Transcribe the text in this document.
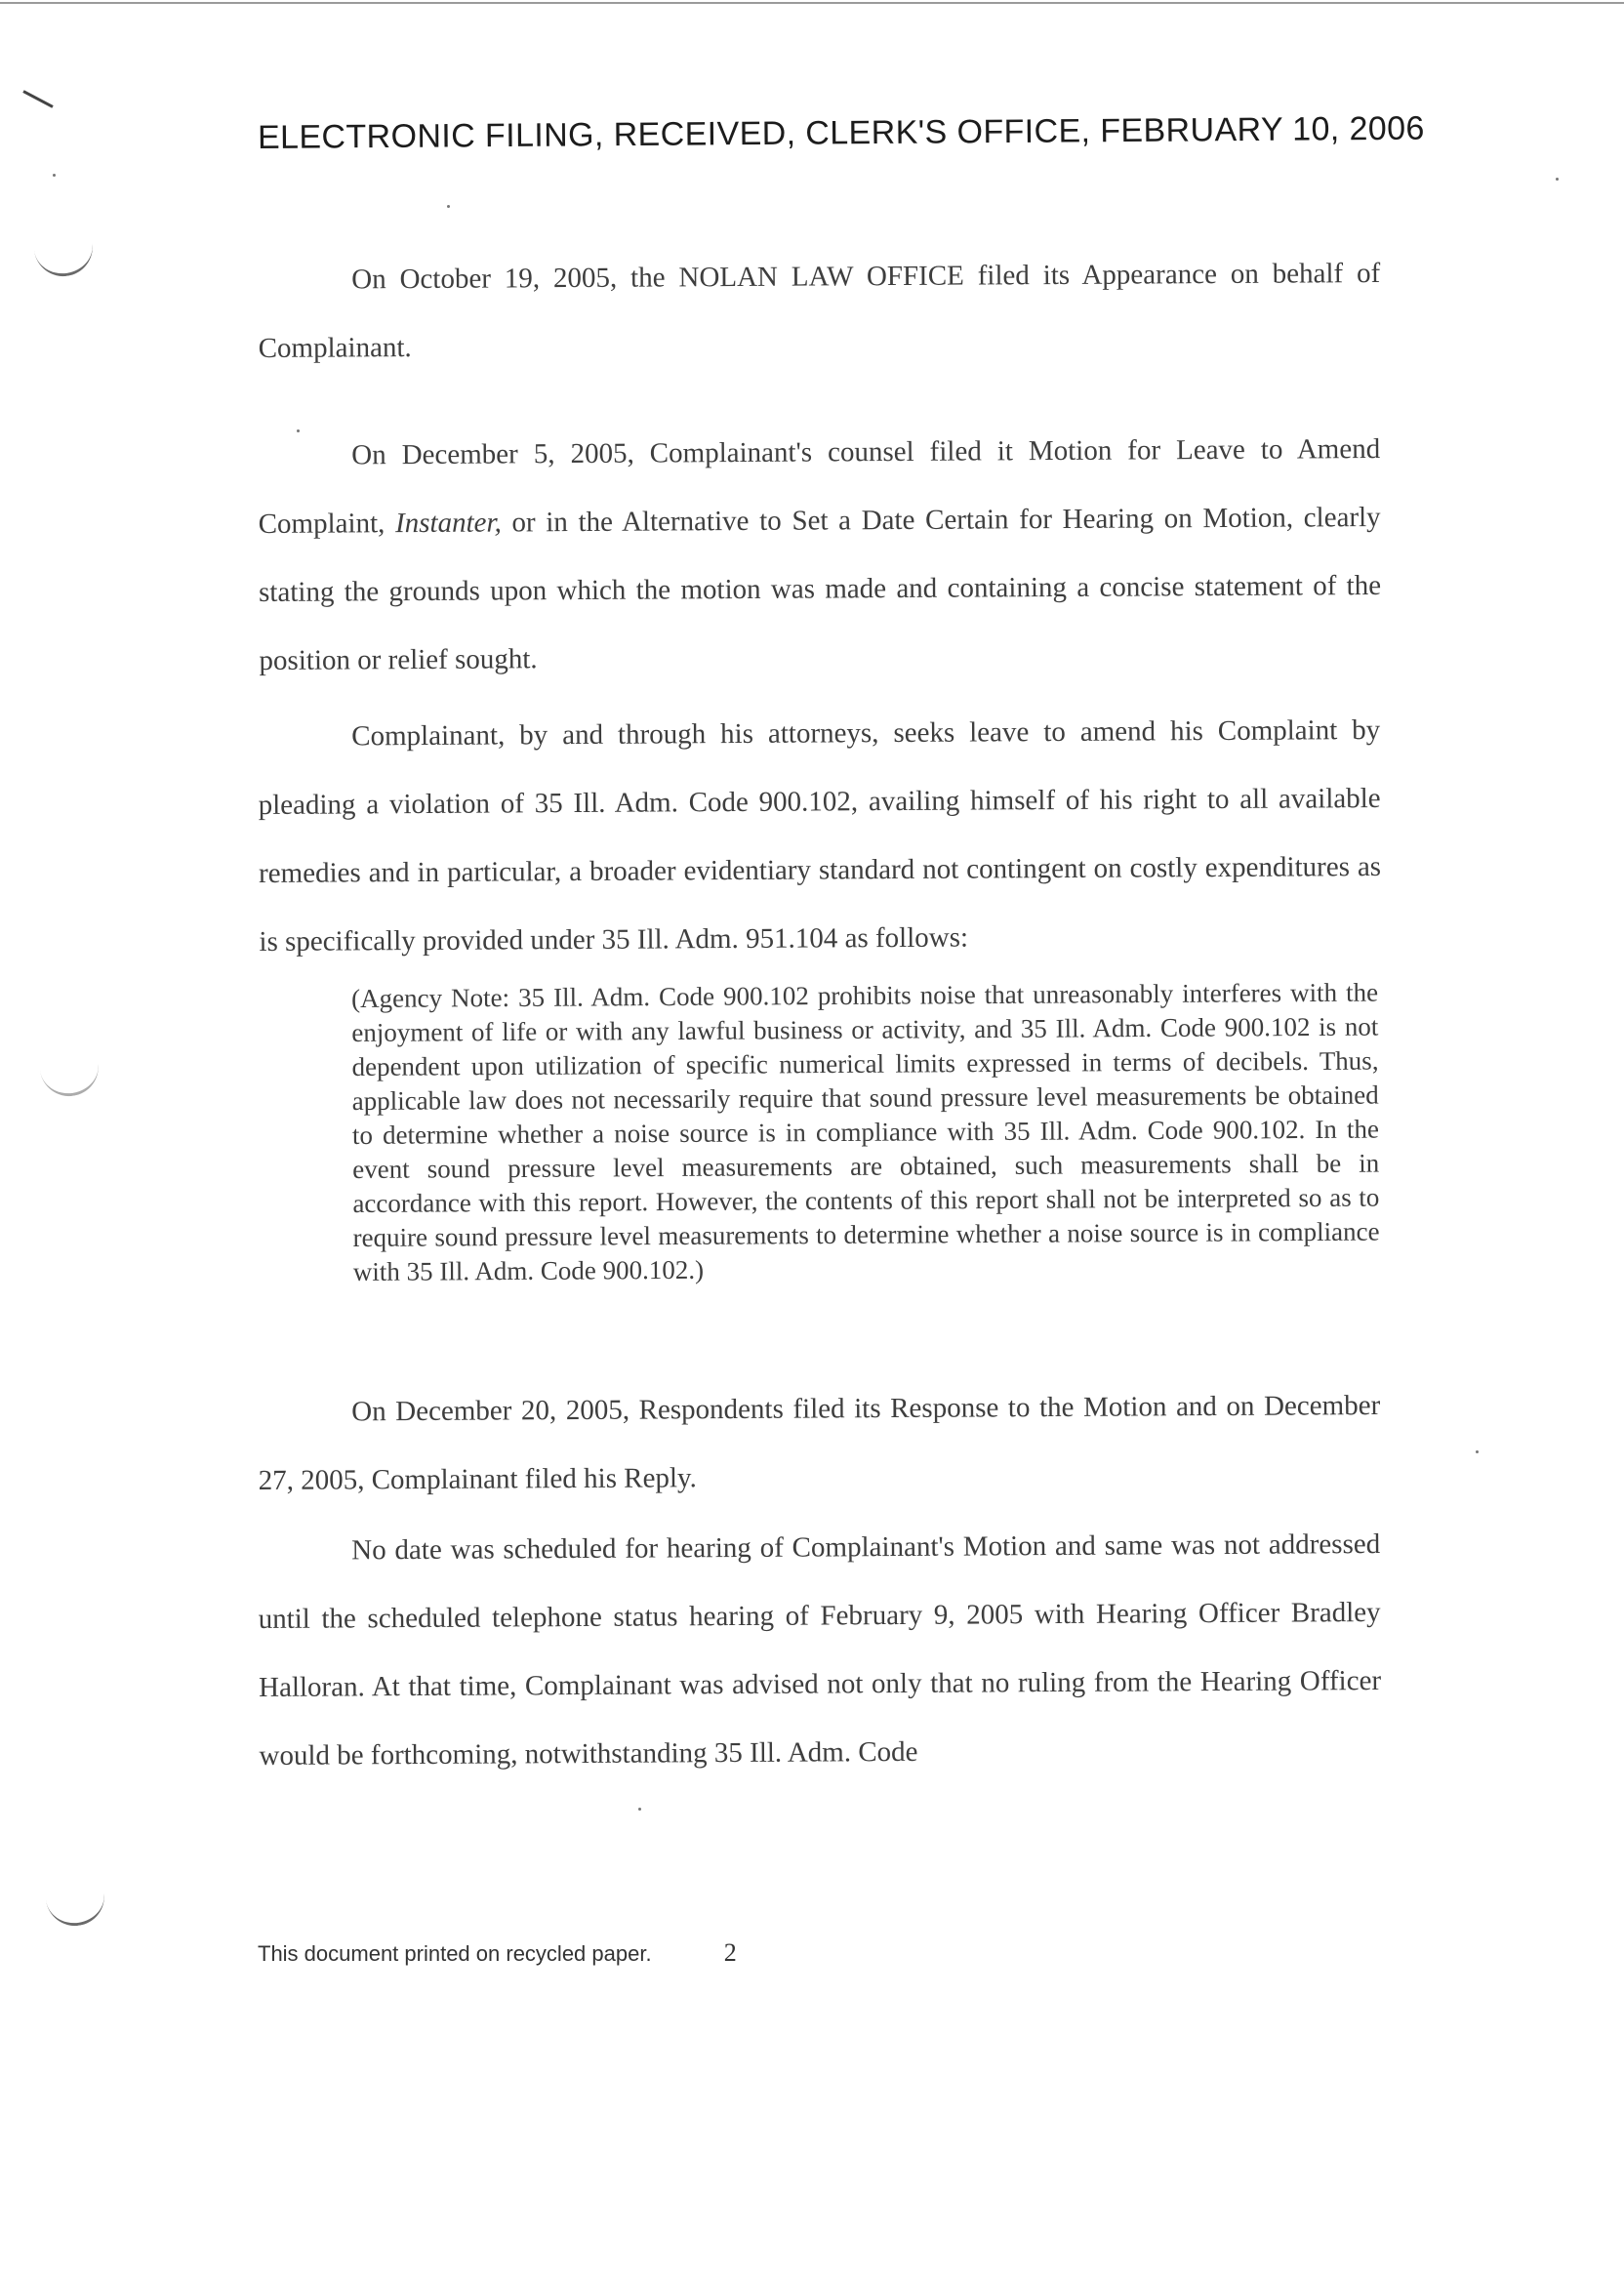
ELECTRONIC FILING, RECEIVED, CLERK'S OFFICE, FEBRUARY 10, 2006

On October 19, 2005, the NOLAN LAW OFFICE filed its Appearance on behalf of Complainant.

On December 5, 2005, Complainant's counsel filed it Motion for Leave to Amend Complaint, Instanter, or in the Alternative to Set a Date Certain for Hearing on Motion, clearly stating the grounds upon which the motion was made and containing a concise statement of the position or relief sought.

Complainant, by and through his attorneys, seeks leave to amend his Complaint by pleading a violation of 35 Ill. Adm. Code 900.102, availing himself of his right to all available remedies and in particular, a broader evidentiary standard not contingent on costly expenditures as is specifically provided under 35 Ill. Adm. 951.104 as follows:

(Agency Note: 35 Ill. Adm. Code 900.102 prohibits noise that unreasonably interferes with the enjoyment of life or with any lawful business or activity, and 35 Ill. Adm. Code 900.102 is not dependent upon utilization of specific numerical limits expressed in terms of decibels. Thus, applicable law does not necessarily require that sound pressure level measurements be obtained to determine whether a noise source is in compliance with 35 Ill. Adm. Code 900.102. In the event sound pressure level measurements are obtained, such measurements shall be in accordance with this report. However, the contents of this report shall not be interpreted so as to require sound pressure level measurements to determine whether a noise source is in compliance with 35 Ill. Adm. Code 900.102.)

On December 20, 2005, Respondents filed its Response to the Motion and on December 27, 2005, Complainant filed his Reply.

No date was scheduled for hearing of Complainant's Motion and same was not addressed until the scheduled telephone status hearing of February 9, 2005 with Hearing Officer Bradley Halloran. At that time, Complainant was advised not only that no ruling from the Hearing Officer would be forthcoming, notwithstanding 35 Ill. Adm. Code

This document printed on recycled paper.	2
